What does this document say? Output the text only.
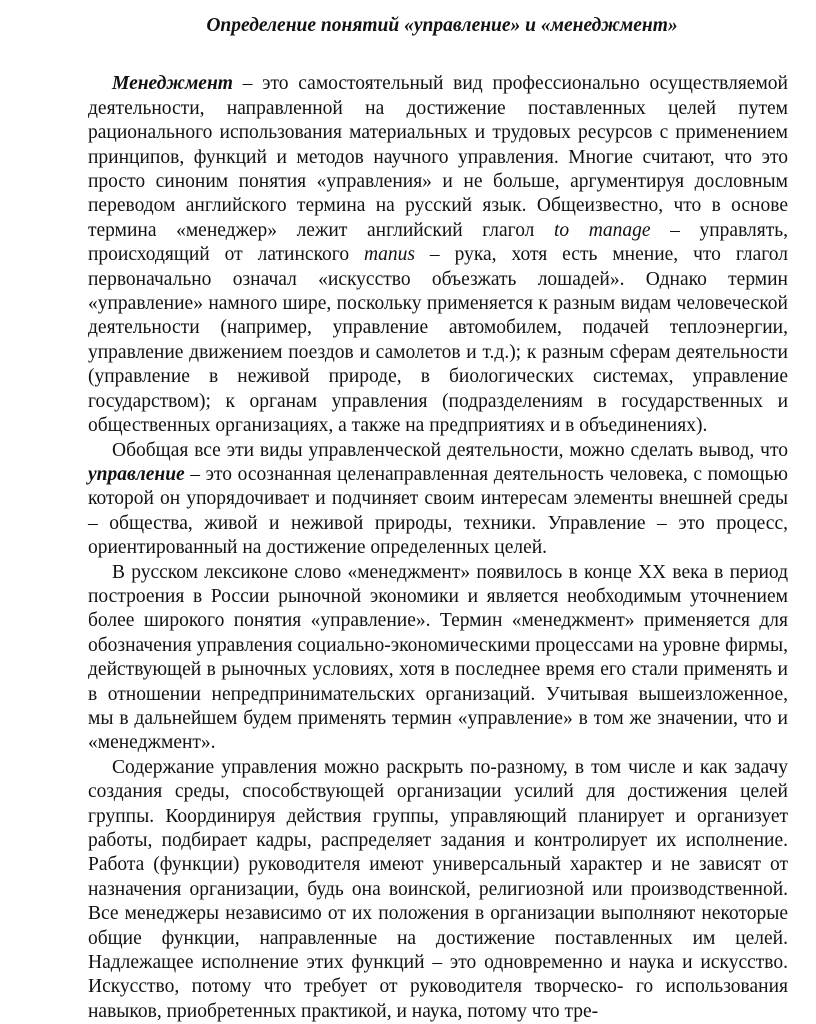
Определение понятий «управление» и «менеджмент»

Менеджмент – это самостоятельный вид профессионально осуществляемой деятельности, направленной на достижение поставленных целей путем рационального использования материальных и трудовых ресурсов с применением принципов, функций и методов научного управления. Многие считают, что это просто синоним понятия «управления» и не больше, аргументируя дословным переводом английского термина на русский язык. Общеизвестно, что в основе термина «менеджер» лежит английский глагол to manage – управлять, происходящий от латинского manus – рука, хотя есть мнение, что глагол первоначально означал «искусство объезжать лошадей». Однако термин «управление» намного шире, поскольку применяется к разным видам человеческой деятельности (например, управление автомобилем, подачей теплоэнергии, управление движением поездов и самолетов и т.д.); к разным сферам деятельности (управление в неживой природе, в биологических системах, управление государством); к органам управления (подразделениям в государственных и общественных организациях, а также на предприятиях и в объединениях).

Обобщая все эти виды управленческой деятельности, можно сделать вывод, что управление – это осознанная целенаправленная деятельность человека, с помощью которой он упорядочивает и подчиняет своим интересам элементы внешней среды – общества, живой и неживой природы, техники. Управление – это процесс, ориентированный на достижение определенных целей.

В русском лексиконе слово «менеджмент» появилось в конце XX века в период построения в России рыночной экономики и является необходимым уточнением более широкого понятия «управление». Термин «менеджмент» применяется для обозначения управления социально-экономическими процессами на уровне фирмы, действующей в рыночных условиях, хотя в последнее время его стали применять и в отношении непредпринимательских организаций. Учитывая вышеизложенное, мы в дальнейшем будем применять термин «управление» в том же значении, что и «менеджмент».

Содержание управления можно раскрыть по-разному, в том числе и как задачу создания среды, способствующей организации усилий для достижения целей группы. Координируя действия группы, управляющий планирует и организует работы, подбирает кадры, распределяет задания и контролирует их исполнение. Работа (функции) руководителя имеют универсальный характер и не зависят от назначения организации, будь она воинской, религиозной или производственной. Все менеджеры независимо от их положения в организации выполняют некоторые общие функции, направленные на достижение поставленных им целей. Надлежащее исполнение этих функций – это одновременно и наука и искусство. Искусство, потому что требует от руководителя творческо- го использования навыков, приобретенных практикой, и наука, потому что тре-
